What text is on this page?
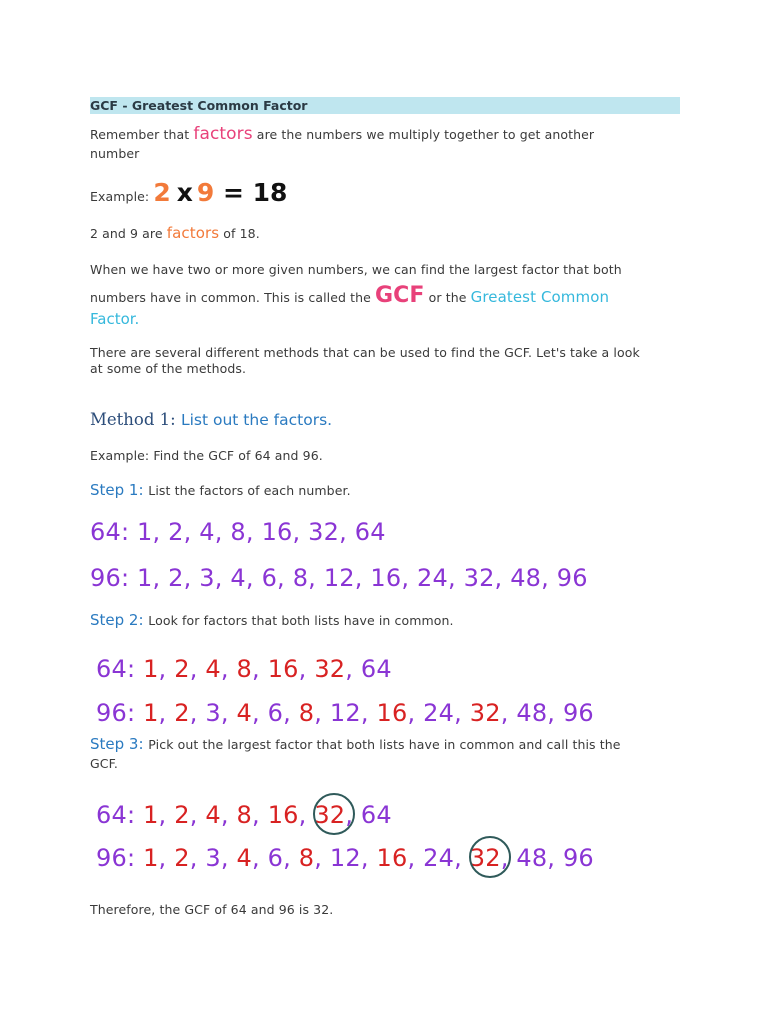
GCF - Greatest Common Factor
Remember that factors are the numbers we multiply together to get another
number
Example: 2 x 9 = 18
2 and 9 are factors of 18.
When we have two or more given numbers, we can find the largest factor that both
numbers have in common. This is called the GCF or the Greatest Common
Factor.
There are several different methods that can be used to find the GCF. Let's take a look
at some of the methods.
Method 1: List out the factors.
Example: Find the GCF of 64 and 96.
Step 1: List the factors of each number.
64: 1, 2, 4, 8, 16, 32, 64
96: 1, 2, 3, 4, 6, 8, 12, 16, 24, 32, 48, 96
Step 2: Look for factors that both lists have in common.
64: 1, 2, 4, 8, 16, 32, 64
96: 1, 2, 3, 4, 6, 8, 12, 16, 24, 32, 48, 96
Step 3: Pick out the largest factor that both lists have in common and call this the
GCF.
64: 1, 2, 4, 8, 16, 32, 64
96: 1, 2, 3, 4, 6, 8, 12, 16, 24, 32, 48, 96
Therefore, the GCF of 64 and 96 is 32.
